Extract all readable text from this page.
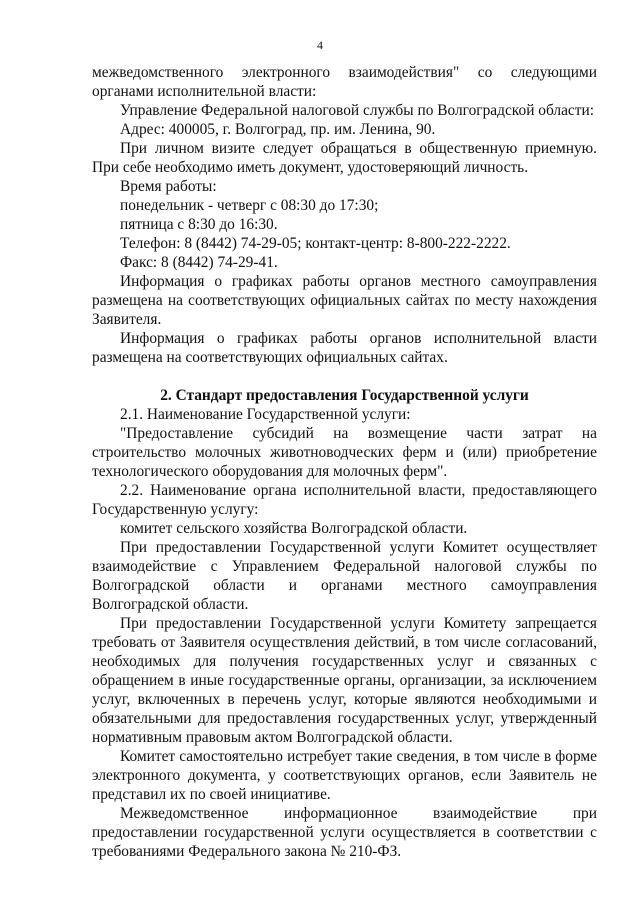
4

межведомственного электронного взаимодействия" со следующими органами исполнительной власти:

Управление Федеральной налоговой службы по Волгоградской области:

Адрес: 400005, г. Волгоград, пр. им. Ленина, 90.

При личном визите следует обращаться в общественную приемную. При себе необходимо иметь документ, удостоверяющий личность.

Время работы:

понедельник - четверг с 08:30 до 17:30;

пятница с 8:30 до 16:30.

Телефон: 8 (8442) 74-29-05; контакт-центр: 8-800-222-2222.

Факс: 8 (8442) 74-29-41.

Информация о графиках работы органов местного самоуправления размещена на соответствующих официальных сайтах по месту нахождения Заявителя.

Информация о графиках работы органов исполнительной власти размещена на соответствующих официальных сайтах.

2. Стандарт предоставления Государственной услуги

2.1. Наименование Государственной услуги:

"Предоставление субсидий на возмещение части затрат на строительство молочных животноводческих ферм и (или) приобретение технологического оборудования для молочных ферм".

2.2. Наименование органа исполнительной власти, предоставляющего Государственную услугу:

комитет сельского хозяйства Волгоградской области.

При предоставлении Государственной услуги Комитет осуществляет взаимодействие с Управлением Федеральной налоговой службы по Волгоградской области и органами местного самоуправления Волгоградской области.

При предоставлении Государственной услуги Комитету запрещается требовать от Заявителя осуществления действий, в том числе согласований, необходимых для получения государственных услуг и связанных с обращением в иные государственные органы, организации, за исключением услуг, включенных в перечень услуг, которые являются необходимыми и обязательными для предоставления государственных услуг, утвержденный нормативным правовым актом Волгоградской области.

Комитет самостоятельно истребует такие сведения, в том числе в форме электронного документа, у соответствующих органов, если Заявитель не представил их по своей инициативе.

Межведомственное информационное взаимодействие при предоставлении государственной услуги осуществляется в соответствии с требованиями Федерального закона № 210-ФЗ.
